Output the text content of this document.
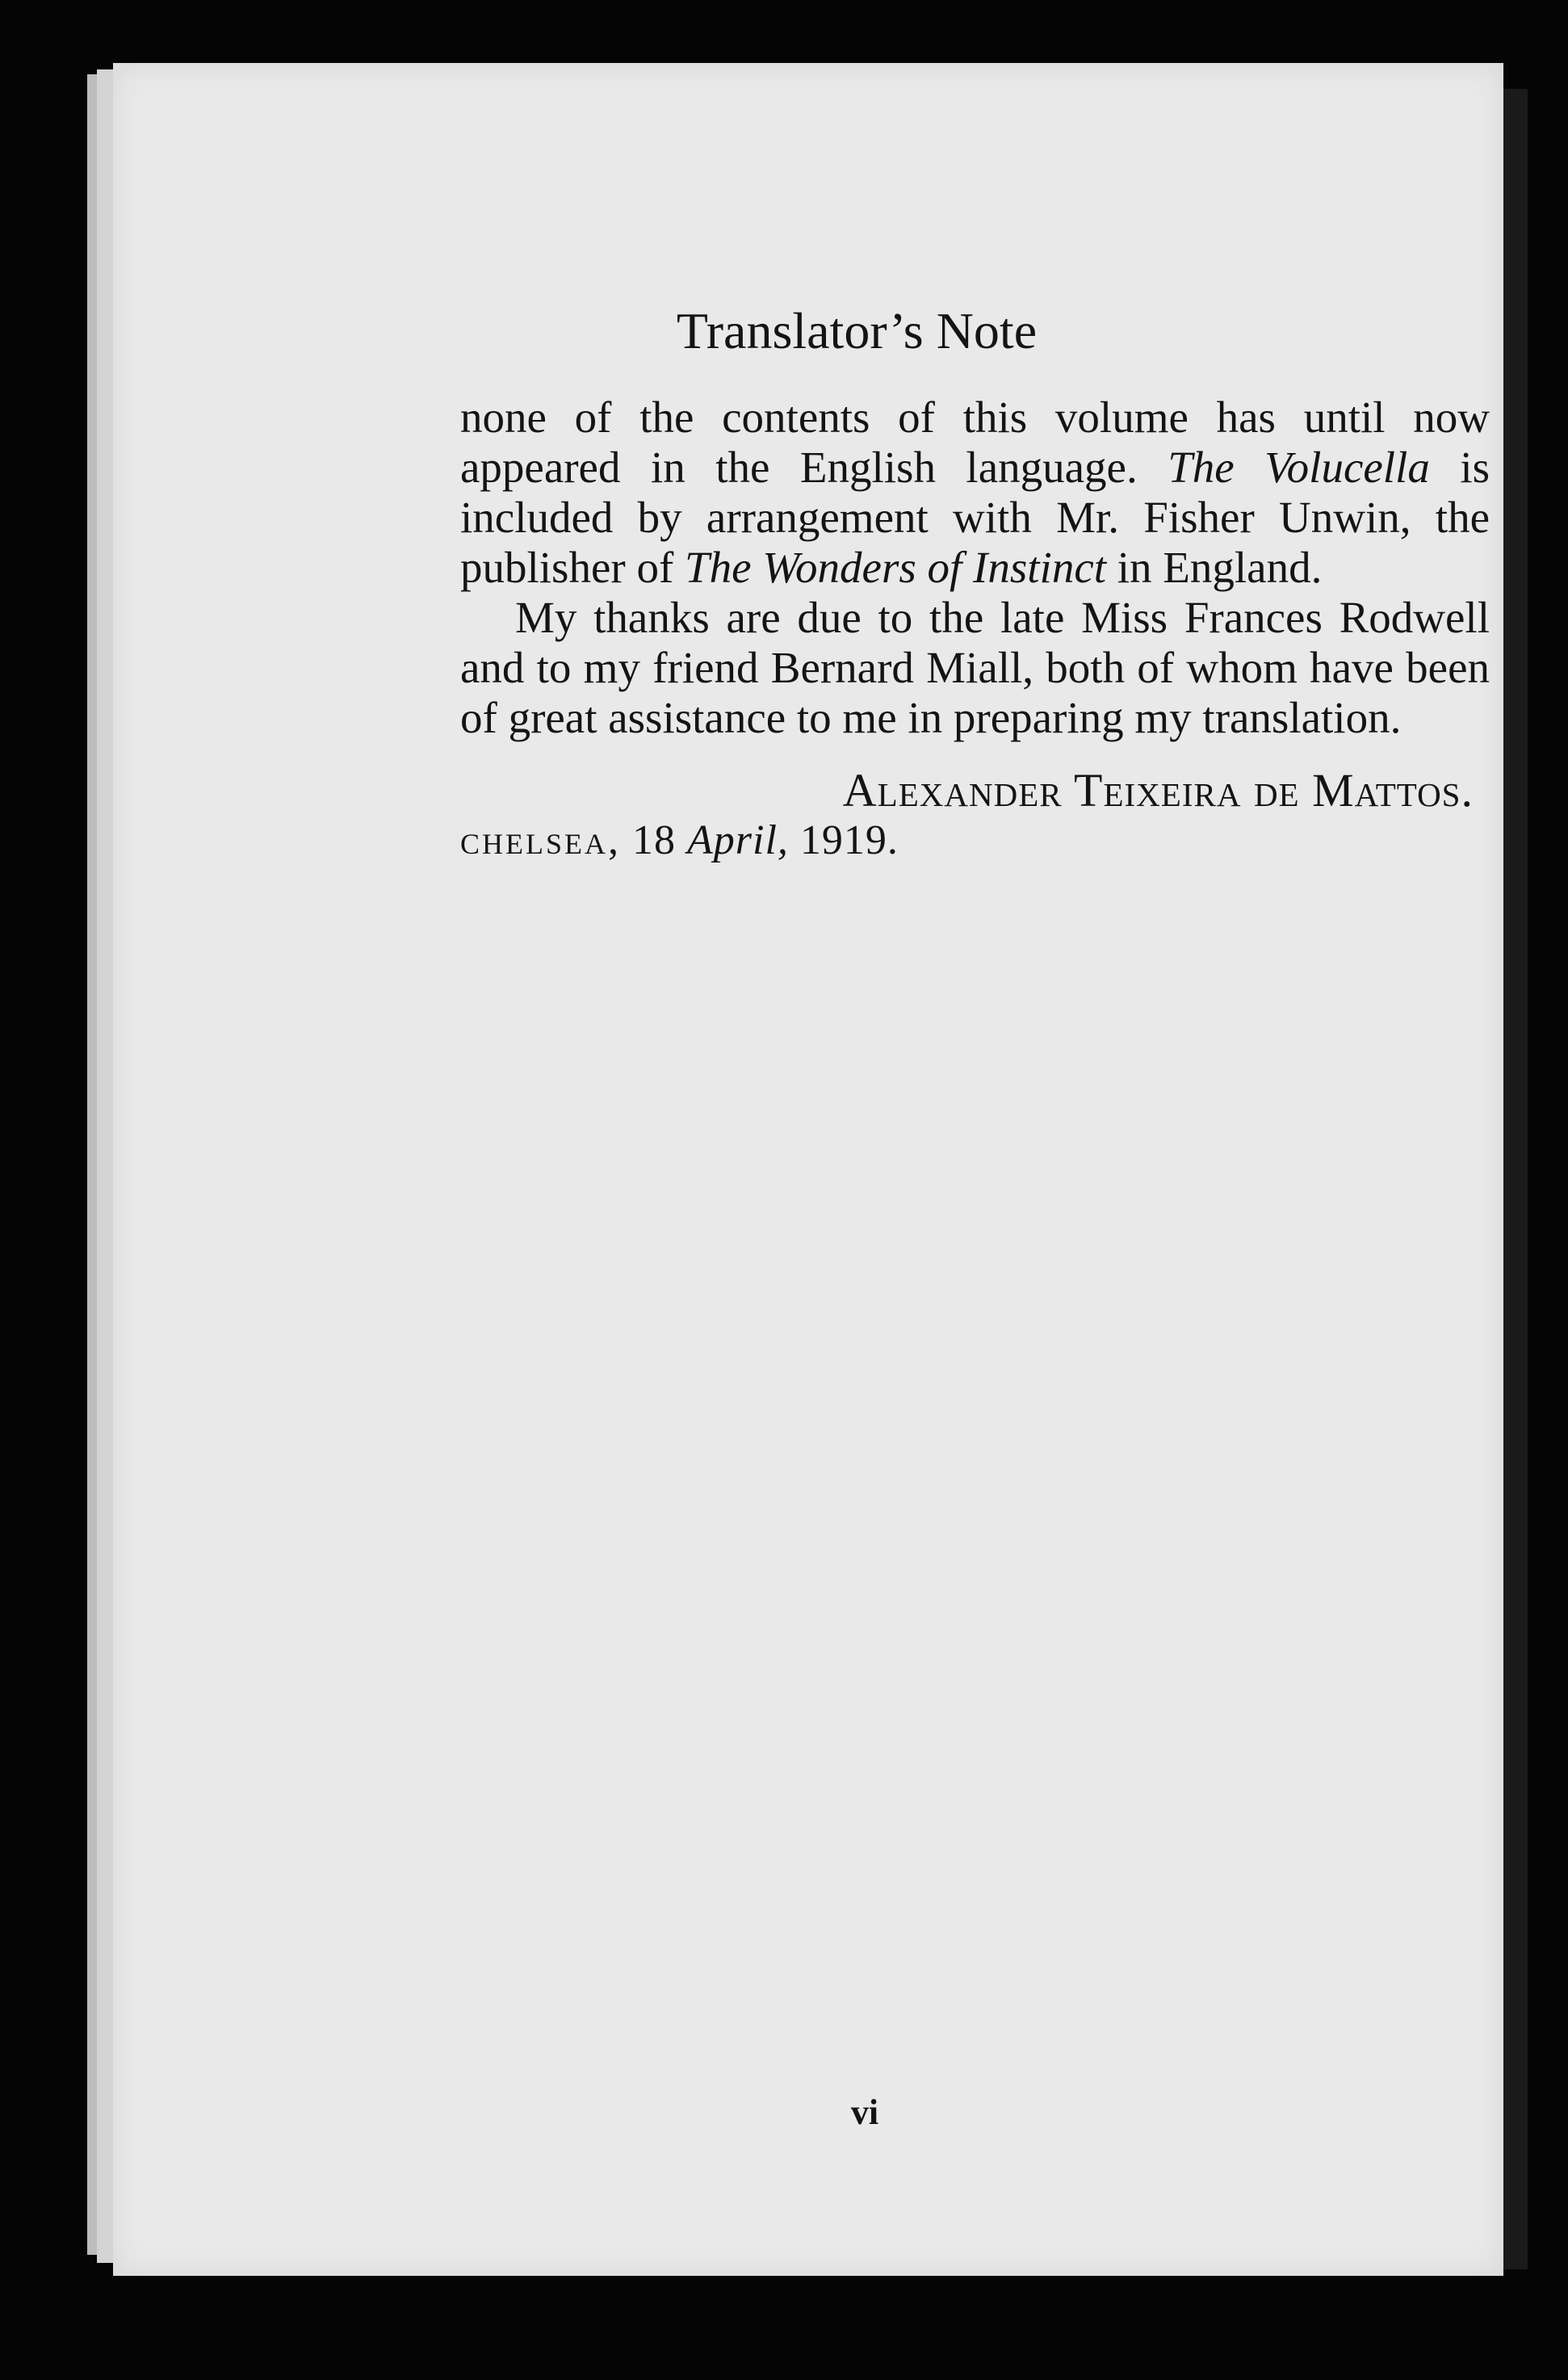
Translator’s Note

none of the contents of this volume has until now appeared in the English language. The Volucella is included by arrangement with Mr. Fisher Unwin, the publisher of The Wonders of Instinct in England.

My thanks are due to the late Miss Frances Rodwell and to my friend Bernard Miall, both of whom have been of great assistance to me in preparing my translation.

Alexander Teixeira de Mattos.
chelsea, 18 April, 1919.
vi
